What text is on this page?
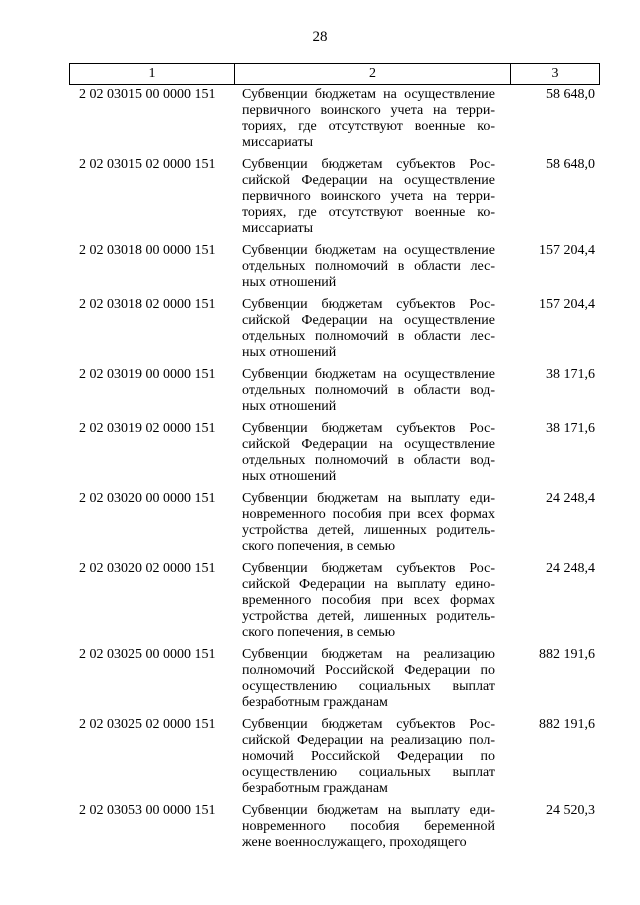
28
1	2	3
2 02 03015 00 0000 151	Субвенции бюджетам на осуществление
первичного воинского учета на терри-
ториях, где отсутствуют военные ко-
миссариаты
58 648,0
2 02 03015 02 0000 151	Субвенции бюджетам субъектов Рос-
сийской Федерации на осуществление
первичного воинского учета на терри-
ториях, где отсутствуют военные ко-
миссариаты
58 648,0
2 02 03018 00 0000 151	Субвенции бюджетам на осуществление
отдельных полномочий в области лес-
ных отношений
157 204,4
2 02 03018 02 0000 151	Субвенции бюджетам субъектов Рос-
сийской Федерации на осуществление
отдельных полномочий в области лес-
ных отношений
157 204,4
2 02 03019 00 0000 151	Субвенции бюджетам на осуществление
отдельных полномочий в области вод-
ных отношений
38 171,6
2 02 03019 02 0000 151	Субвенции бюджетам субъектов Рос-
сийской Федерации на осуществление
отдельных полномочий в области вод-
ных отношений
38 171,6
2 02 03020 00 0000 151	Субвенции бюджетам на выплату еди-
новременного пособия при всех формах
устройства детей, лишенных родитель-
ского попечения, в семью
24 248,4
2 02 03020 02 0000 151	Субвенции бюджетам субъектов Рос-
сийской Федерации на выплату едино-
временного пособия при всех формах
устройства детей, лишенных родитель-
ского попечения, в семью
24 248,4
2 02 03025 00 0000 151	Субвенции бюджетам на реализацию
полномочий Российской Федерации по
осуществлению социальных выплат
безработным гражданам
882 191,6
2 02 03025 02 0000 151	Субвенции бюджетам субъектов Рос-
сийской Федерации на реализацию пол-
номочий Российской Федерации по
осуществлению социальных выплат
безработным гражданам
882 191,6
2 02 03053 00 0000 151	Субвенции бюджетам на выплату еди-
новременного пособия беременной
жене военнослужащего, проходящего
24 520,3
